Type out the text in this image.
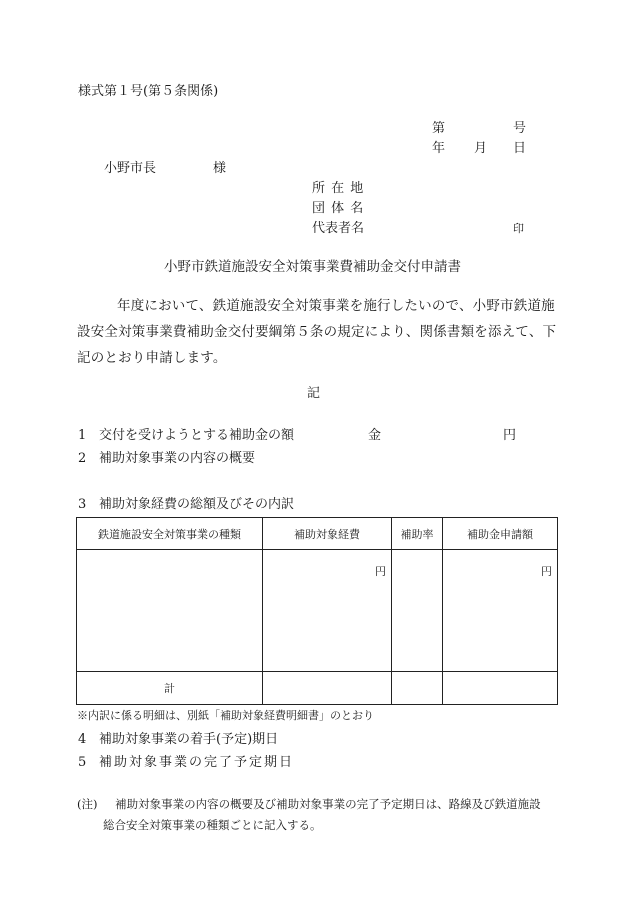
様式第１号(第５条関係)
第	号
年 月 日
小野市長	様
所 在 地
団 体 名
代表者名	印
小野市鉄道施設安全対策事業費補助金交付申請書
年度において、鉄道施設安全対策事業を施行したいので、小野市鉄道施設安全対策事業費補助金交付要綱第５条の規定により、関係書類を添えて、下記のとおり申請します。
記
1 交付を受けようとする補助金の額	金	円
2 補助対象事業の内容の概要
3 補助対象経費の総額及びその内訳
鉄道施設安全対策事業の種類	補助対象経費	補助率	補助金申請額
	円		円
計			
※内訳に係る明細は、別紙「補助対象経費明細書」のとおり
4 補助対象事業の着手(予定)期日
5 補助対象事業の完了予定期日
(注) 補助対象事業の内容の概要及び補助対象事業の完了予定期日は、路線及び鉄道施設
総合安全対策事業の種類ごとに記入する。
